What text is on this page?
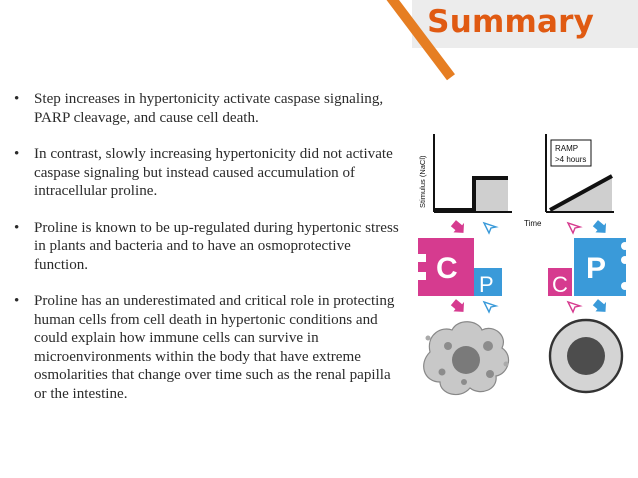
Summary
• Step increases in hypertonicity activate caspase signaling, PARP cleavage, and cause cell death.
• In contrast, slowly increasing hypertonicity did not activate caspase signaling but instead caused accumulation of intracellular proline.
• Proline is known to be up-regulated during hypertonic stress in plants and bacteria and to have an osmoprotective function.
• Proline has an underestimated and critical role in protecting human cells from cell death in hypertonic conditions and could explain how immune cells can survive in microenvironments within the body that have extreme osmolarities that change over time such as the renal papilla or the intestine.
Stimulus (NaCl)
RAMP
>4 hours
Time
C P	C P
